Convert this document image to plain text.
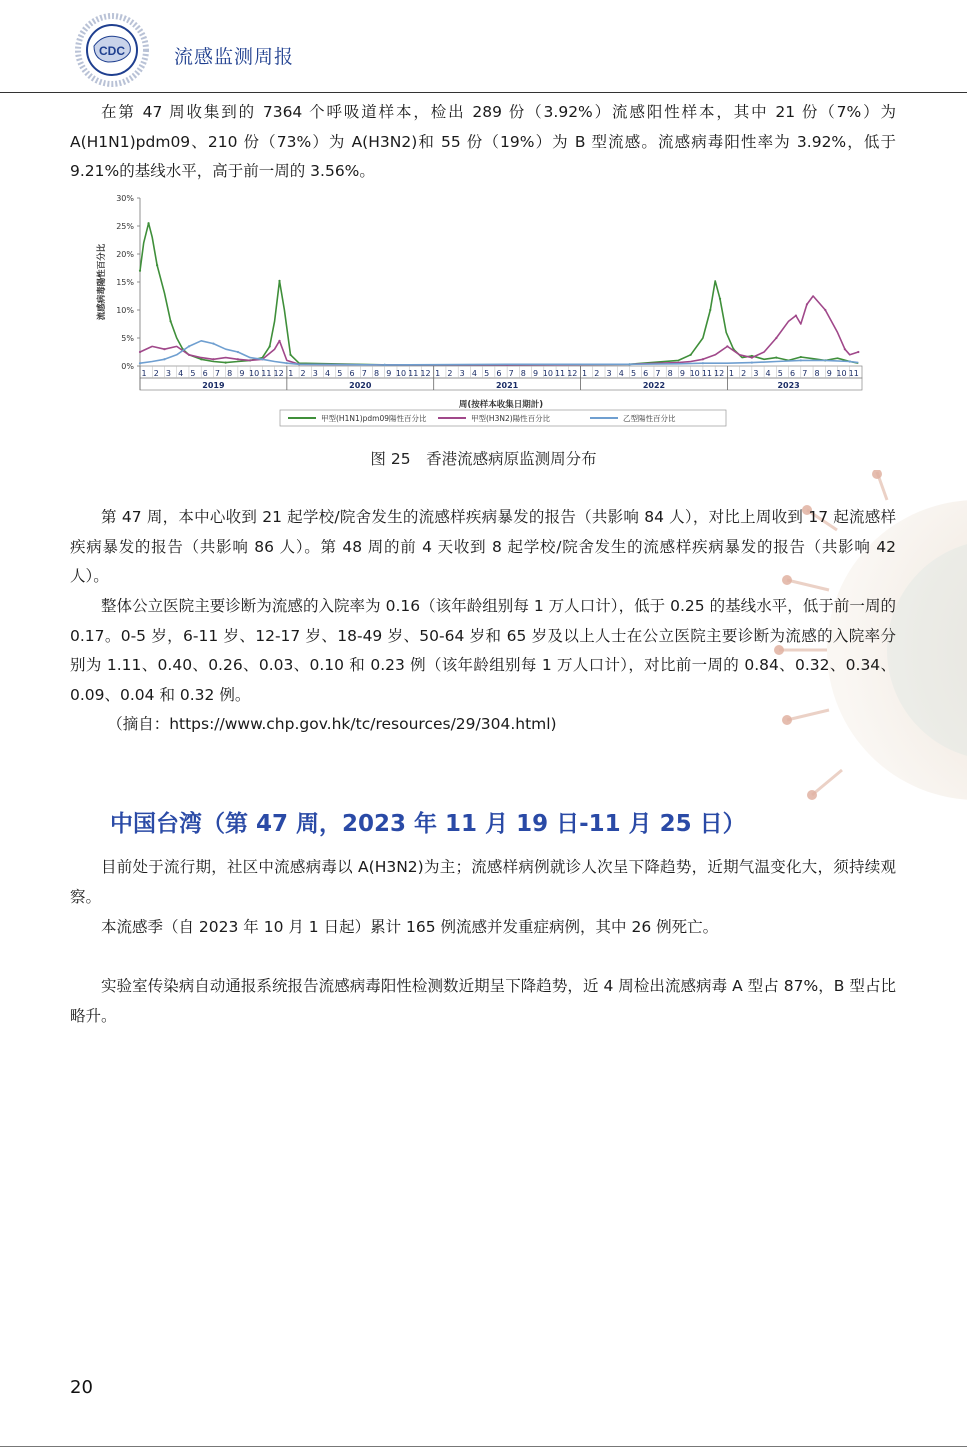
CDC	流感监测周报

在第 47 周收集到的 7364 个呼吸道样本，检出 289 份（3.92%）流感阳性样本，其中 21 份（7%）为 A(H1N1)pdm09、210 份（73%）为 A(H3N2)和 55 份（19%）为 B 型流感。流感病毒阳性率为 3.92%，低于 9.21%的基线水平，高于前一周的 3.56%。

0%
5%
10%
15%
20%
25%
30%
1 2 3 4 5 6 7 8 9 10 11 12 1 2 3 4 5 6 7 8 9 10 11 12 1 2 3 4 5 6 7 8 9 10 11 12 1 2 3 4 5 6 7 8 9 10 11 12 1 2 3 4 5 6 7 8 9 10 11
2019	2020	2021	2022	2023
流感病毒陽性百分比
周(按样本收集日期計)
甲型(H1N1)pdm09陽性百分比	甲型(H3N2)陽性百分比	乙型陽性百分比
图 25　香港流感病原监测周分布

第 47 周，本中心收到 21 起学校/院舍发生的流感样疾病暴发的报告（共影响 84 人），对比上周收到 17 起流感样疾病暴发的报告（共影响 86 人）。第 48 周的前 4 天收到 8 起学校/院舍发生的流感样疾病暴发的报告（共影响 42 人）。

整体公立医院主要诊断为流感的入院率为 0.16（该年龄组别每 1 万人口计），低于 0.25 的基线水平，低于前一周的 0.17。0-5 岁，6-11 岁、12-17 岁、18-49 岁、50-64 岁和 65 岁及以上人士在公立医院主要诊断为流感的入院率分别为 1.11、0.40、0.26、0.03、0.10 和 0.23 例（该年龄组别每 1 万人口计），对比前一周的 0.84、0.32、0.34、0.09、0.04 和 0.32 例。

（摘自：https://www.chp.gov.hk/tc/resources/29/304.html)

中国台湾（第 47 周，2023 年 11 月 19 日-11 月 25 日）

目前处于流行期，社区中流感病毒以 A(H3N2)为主；流感样病例就诊人次呈下降趋势，近期气温变化大，须持续观察。

本流感季（自 2023 年 10 月 1 日起）累计 165 例流感并发重症病例，其中 26 例死亡。

实验室传染病自动通报系统报告流感病毒阳性检测数近期呈下降趋势，近 4 周检出流感病毒 A 型占 87%，B 型占比略升。

20
